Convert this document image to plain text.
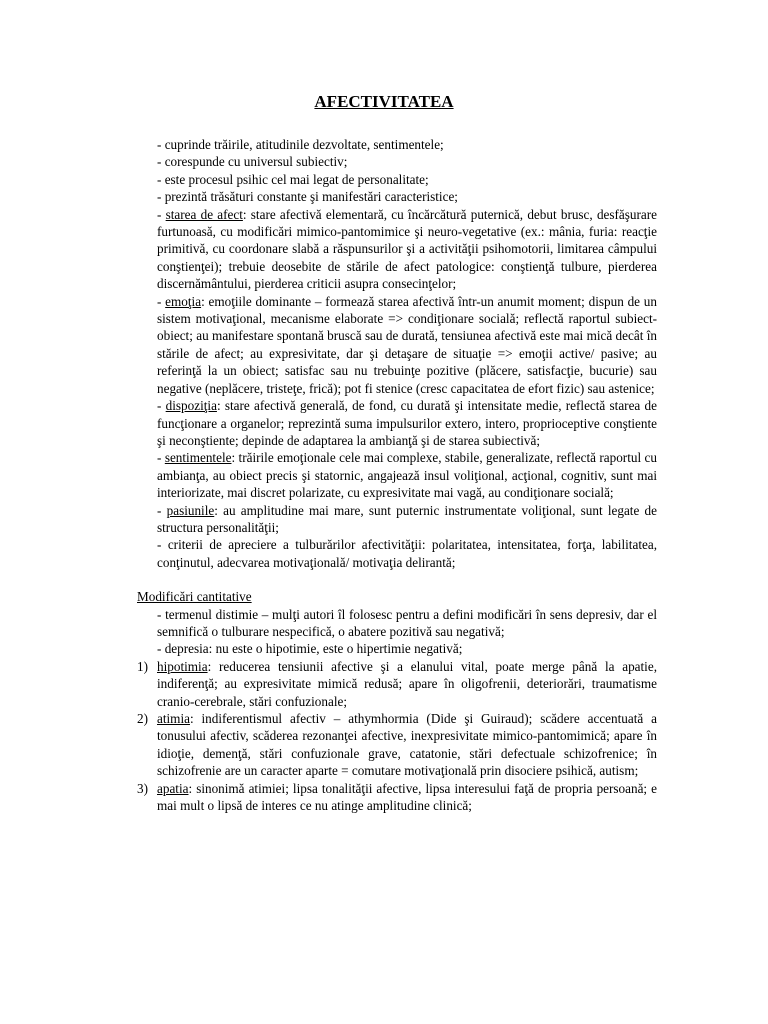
AFECTIVITATEA

- cuprinde trăirile, atitudinile dezvoltate, sentimentele;

- corespunde cu universul subiectiv;

- este procesul psihic cel mai legat de personalitate;

- prezintă trăsături constante şi manifestări caracteristice;

- starea de afect: stare afectivă elementară, cu încărcătură puternică, debut brusc, desfăşurare furtunoasă, cu modificări mimico-pantomimice şi neuro-vegetative (ex.: mânia, furia: reacţie primitivă, cu coordonare slabă a răspunsurilor şi a activităţii psihomotorii, limitarea câmpului conştienţei); trebuie deosebite de stările de afect patologice: conştienţă tulbure, pierderea discernământului, pierderea criticii asupra consecinţelor;

- emoţia: emoţiile dominante – formează starea afectivă într-un anumit moment; dispun de un sistem motivaţional, mecanisme elaborate => condiţionare socială; reflectă raportul subiect-obiect; au manifestare spontană bruscă sau de durată, tensiunea afectivă este mai mică decât în stările de afect; au expresivitate, dar şi detaşare de situaţie => emoţii active/ pasive; au referinţă la un obiect; satisfac sau nu trebuinţe pozitive (plăcere, satisfacţie, bucurie) sau negative (neplăcere, tristeţe, frică); pot fi stenice (cresc capacitatea de efort fizic) sau astenice;

- dispoziţia: stare afectivă generală, de fond, cu durată şi intensitate medie, reflectă starea de funcţionare a organelor; reprezintă suma impulsurilor extero, intero, proprioceptive conştiente şi neconştiente; depinde de adaptarea la ambianţă şi de starea subiectivă;

- sentimentele: trăirile emoţionale cele mai complexe, stabile, generalizate, reflectă raportul cu ambianţa, au obiect precis şi statornic, angajează insul voliţional, acţional, cognitiv, sunt mai interiorizate, mai discret polarizate, cu expresivitate mai vagă, au condiţionare socială;

- pasiunile: au amplitudine mai mare, sunt puternic instrumentate voliţional, sunt legate de structura personalităţii;

- criterii de apreciere a tulburărilor afectivităţii: polaritatea, intensitatea, forţa, labilitatea, conţinutul, adecvarea motivaţională/ motivaţia delirantă;

Modificări cantitative

- termenul distimie – mulţi autori îl folosesc pentru a defini modificări în sens depresiv, dar el semnifică o tulburare nespecifică, o abatere pozitivă sau negativă;

- depresia: nu este o hipotimie, este o hipertimie negativă;

1) hipotimia: reducerea tensiunii afective şi a elanului vital, poate merge până la apatie, indiferenţă; au expresivitate mimică redusă; apare în oligofrenii, deteriorări, traumatisme cranio-cerebrale, stări confuzionale;

2) atimia: indiferentismul afectiv – athymhormia (Dide şi Guiraud); scădere accentuată a tonusului afectiv, scăderea rezonanţei afective, inexpresivitate mimico-pantomimică; apare în idioţie, demenţă, stări confuzionale grave, catatonie, stări defectuale schizofrenice; în schizofrenie are un caracter aparte = comutare motivaţională prin disociere psihică, autism;

3) apatia: sinonimă atimiei; lipsa tonalităţii afective, lipsa interesului faţă de propria persoană; e mai mult o lipsă de interes ce nu atinge amplitudine clinică;
